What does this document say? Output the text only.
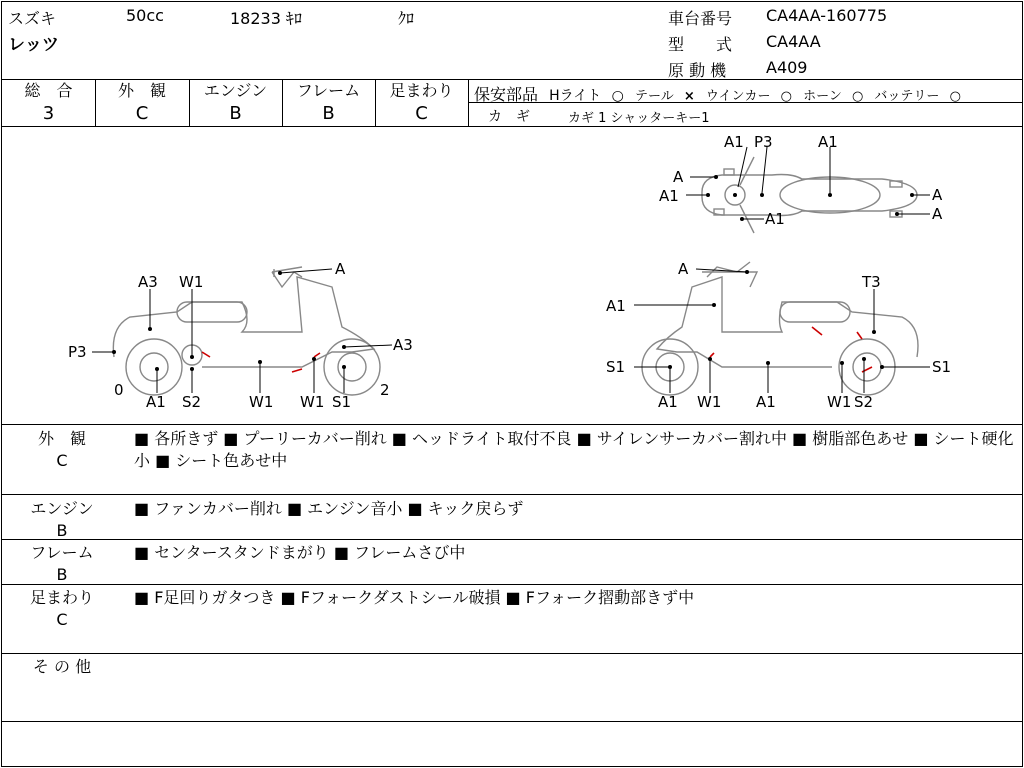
スズキ	50cc	18233 ｷﾛ	ｸﾛ
レッツ
車台番号 CA4AA-160775
型　　式 CA4AA
原 動 機 A409
総　合
3
外　観
C
エンジン
B
フレーム
B
足まわり
C
保安部品 Hライト ○ テール × ウインカー ○ ホーン ○ バッテリー ○
カ　ギ	カギ 1 シャッターキー1
A1 P3	A1
A
A1
A1
A
A
A3 W1
A
A3
P3
0	2
A1 S2	W1 W1 S1
A
T3
A1
S1	S1
A1 W1 A1	W1 S2
外　観
C
■ 各所きず ■ プーリーカバー削れ ■ ヘッドライト取付不良 ■ サイレンサーカバー割れ中 ■ 樹脂部色あせ ■ シート硬化小 ■ シート色あせ中
エンジン
B
■ ファンカバー削れ ■ エンジン音小 ■ キック戻らず
フレーム
B
■ センタースタンドまがり ■ フレームさび中
足まわり
C
■ F足回りガタつき ■ Fフォークダストシール破損 ■ Fフォーク摺動部きず中
そ の 他
